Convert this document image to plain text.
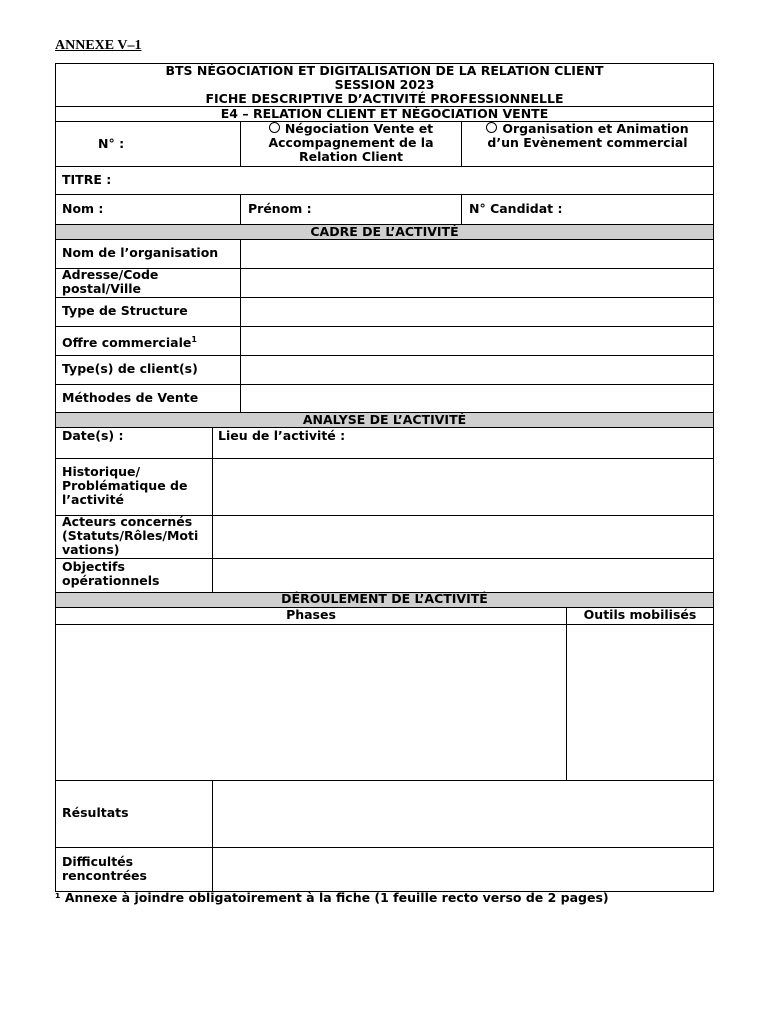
ANNEXE V–1
BTS NÉGOCIATION ET DIGITALISATION DE LA RELATION CLIENT
SESSION 2023
FICHE DESCRIPTIVE D’ACTIVITÉ PROFESSIONNELLE
E4 – RELATION CLIENT ET NÉGOCIATION VENTE
N° :
Négociation Vente et
Accompagnement de la
Relation Client
Organisation et Animation
d’un Evènement commercial
TITRE :
Nom :	Prénom :	N° Candidat :
CADRE DE L’ACTIVITÉ
Nom de l’organisation
Adresse/Code
postal/Ville
Type de Structure
Offre commerciale$^1$
Type(s) de client(s)
Méthodes de Vente
ANALYSE DE L’ACTIVITÉ
Date(s) :	Lieu de l’activité :
Historique/
Problématique de
l’activité
Acteurs concernés
(Statuts/Rôles/Moti
vations)
Objectifs
opérationnels
DÉROULEMENT DE L’ACTIVITÉ
Phases	Outils mobilisés
Résultats
Difficultés
rencontrées
¹ Annexe à joindre obligatoirement à la fiche (1 feuille recto verso de 2 pages)
